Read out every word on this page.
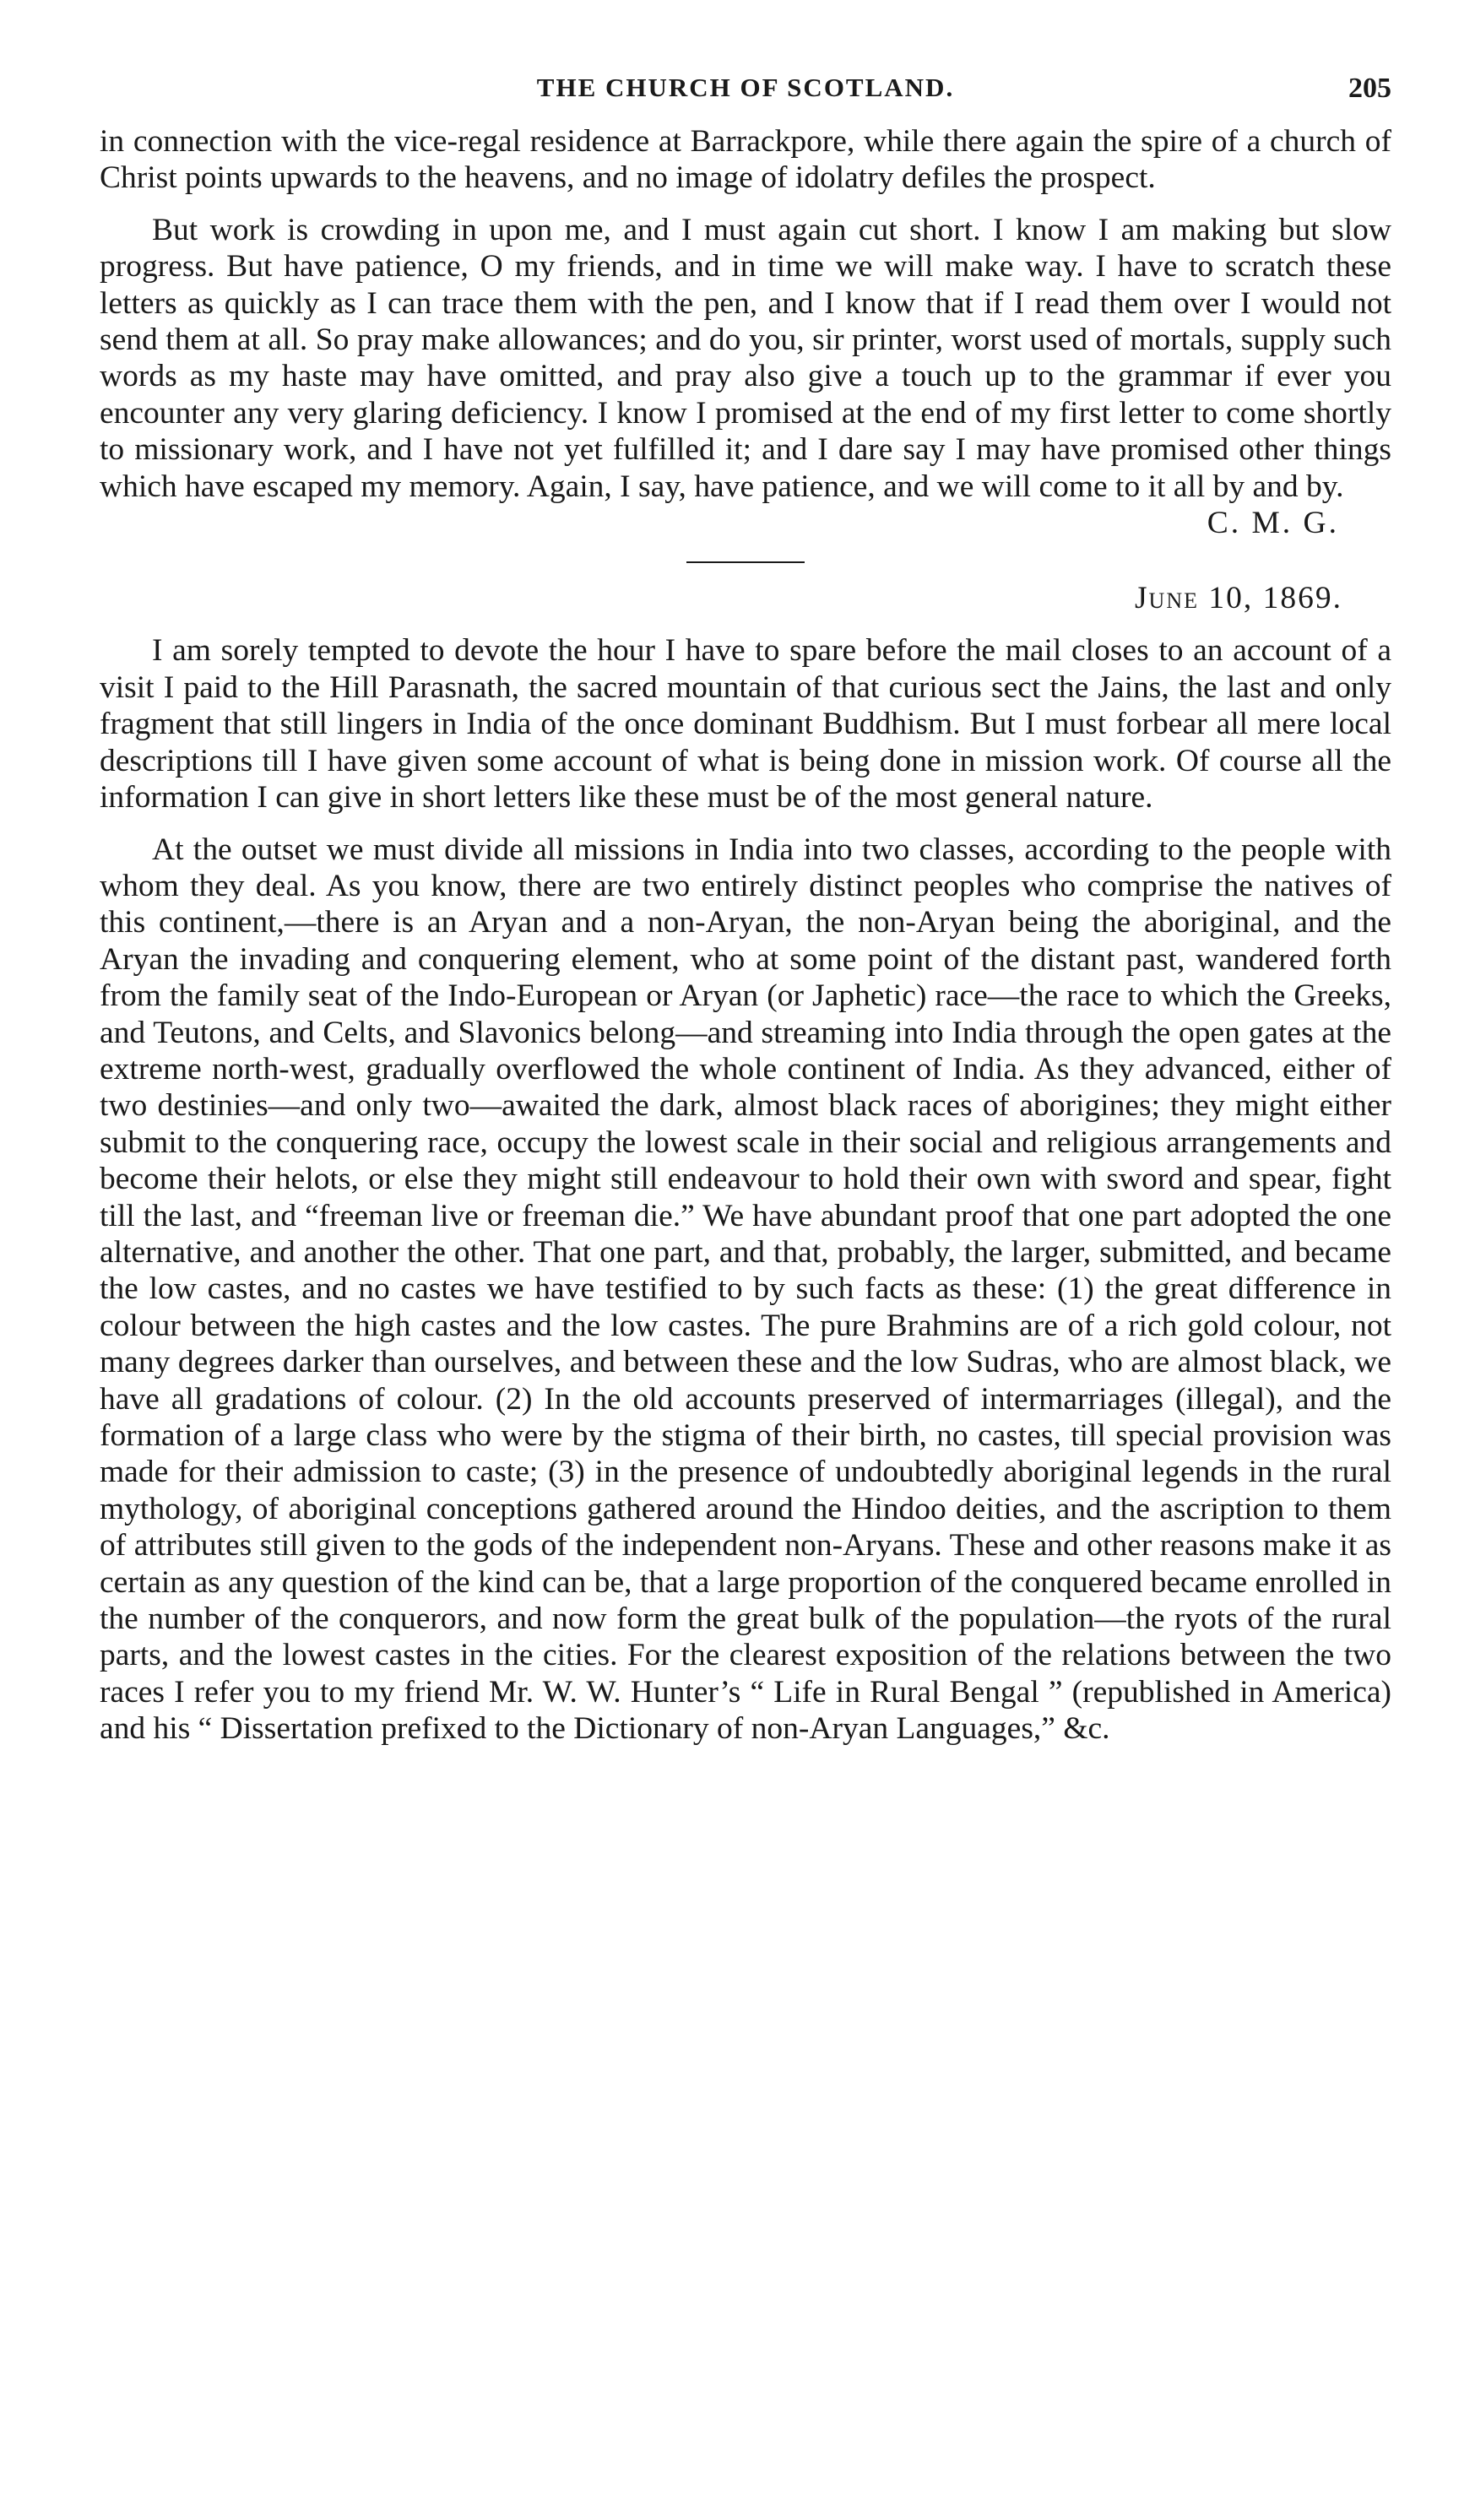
THE CHURCH OF SCOTLAND.	205

in connection with the vice-regal residence at Barrackpore, while there again the spire of a church of Christ points upwards to the heavens, and no image of idolatry defiles the prospect.

But work is crowding in upon me, and I must again cut short. I know I am making but slow progress. But have patience, O my friends, and in time we will make way. I have to scratch these letters as quickly as I can trace them with the pen, and I know that if I read them over I would not send them at all. So pray make allowances; and do you, sir printer, worst used of mortals, supply such words as my haste may have omitted, and pray also give a touch up to the grammar if ever you encounter any very glaring deficiency. I know I promised at the end of my first letter to come shortly to missionary work, and I have not yet fulfilled it; and I dare say I may have promised other things which have escaped my memory. Again, I say, have patience, and we will come to it all by and by.
C. M. G.

June 10, 1869.

I am sorely tempted to devote the hour I have to spare before the mail closes to an account of a visit I paid to the Hill Parasnath, the sacred mountain of that curious sect the Jains, the last and only fragment that still lingers in India of the once dominant Buddhism. But I must forbear all mere local descriptions till I have given some account of what is being done in mission work. Of course all the information I can give in short letters like these must be of the most general nature.

At the outset we must divide all missions in India into two classes, according to the people with whom they deal. As you know, there are two entirely distinct peoples who comprise the natives of this continent,—there is an Aryan and a non-Aryan, the non-Aryan being the aboriginal, and the Aryan the invading and conquering element, who at some point of the distant past, wandered forth from the family seat of the Indo-European or Aryan (or Japhetic) race—the race to which the Greeks, and Teutons, and Celts, and Slavonics belong—and streaming into India through the open gates at the extreme north-west, gradually overflowed the whole continent of India. As they advanced, either of two destinies—and only two—awaited the dark, almost black races of aborigines; they might either submit to the conquering race, occupy the lowest scale in their social and religious arrangements and become their helots, or else they might still endeavour to hold their own with sword and spear, fight till the last, and “freeman live or freeman die.” We have abundant proof that one part adopted the one alternative, and another the other. That one part, and that, probably, the larger, submitted, and became the low castes, and no castes we have testified to by such facts as these: (1) the great difference in colour between the high castes and the low castes. The pure Brahmins are of a rich gold colour, not many degrees darker than ourselves, and between these and the low Sudras, who are almost black, we have all gradations of colour. (2) In the old accounts preserved of intermarriages (illegal), and the formation of a large class who were by the stigma of their birth, no castes, till special provision was made for their admission to caste; (3) in the presence of undoubtedly aboriginal legends in the rural mythology, of aboriginal conceptions gathered around the Hindoo deities, and the ascription to them of attributes still given to the gods of the independent non-Aryans. These and other reasons make it as certain as any question of the kind can be, that a large proportion of the conquered became enrolled in the number of the conquerors, and now form the great bulk of the population—the ryots of the rural parts, and the lowest castes in the cities. For the clearest exposition of the relations between the two races I refer you to my friend Mr. W. W. Hunter’s “ Life in Rural Bengal ” (republished in America) and his “ Dissertation prefixed to the Dictionary of non-Aryan Languages,” &c.
